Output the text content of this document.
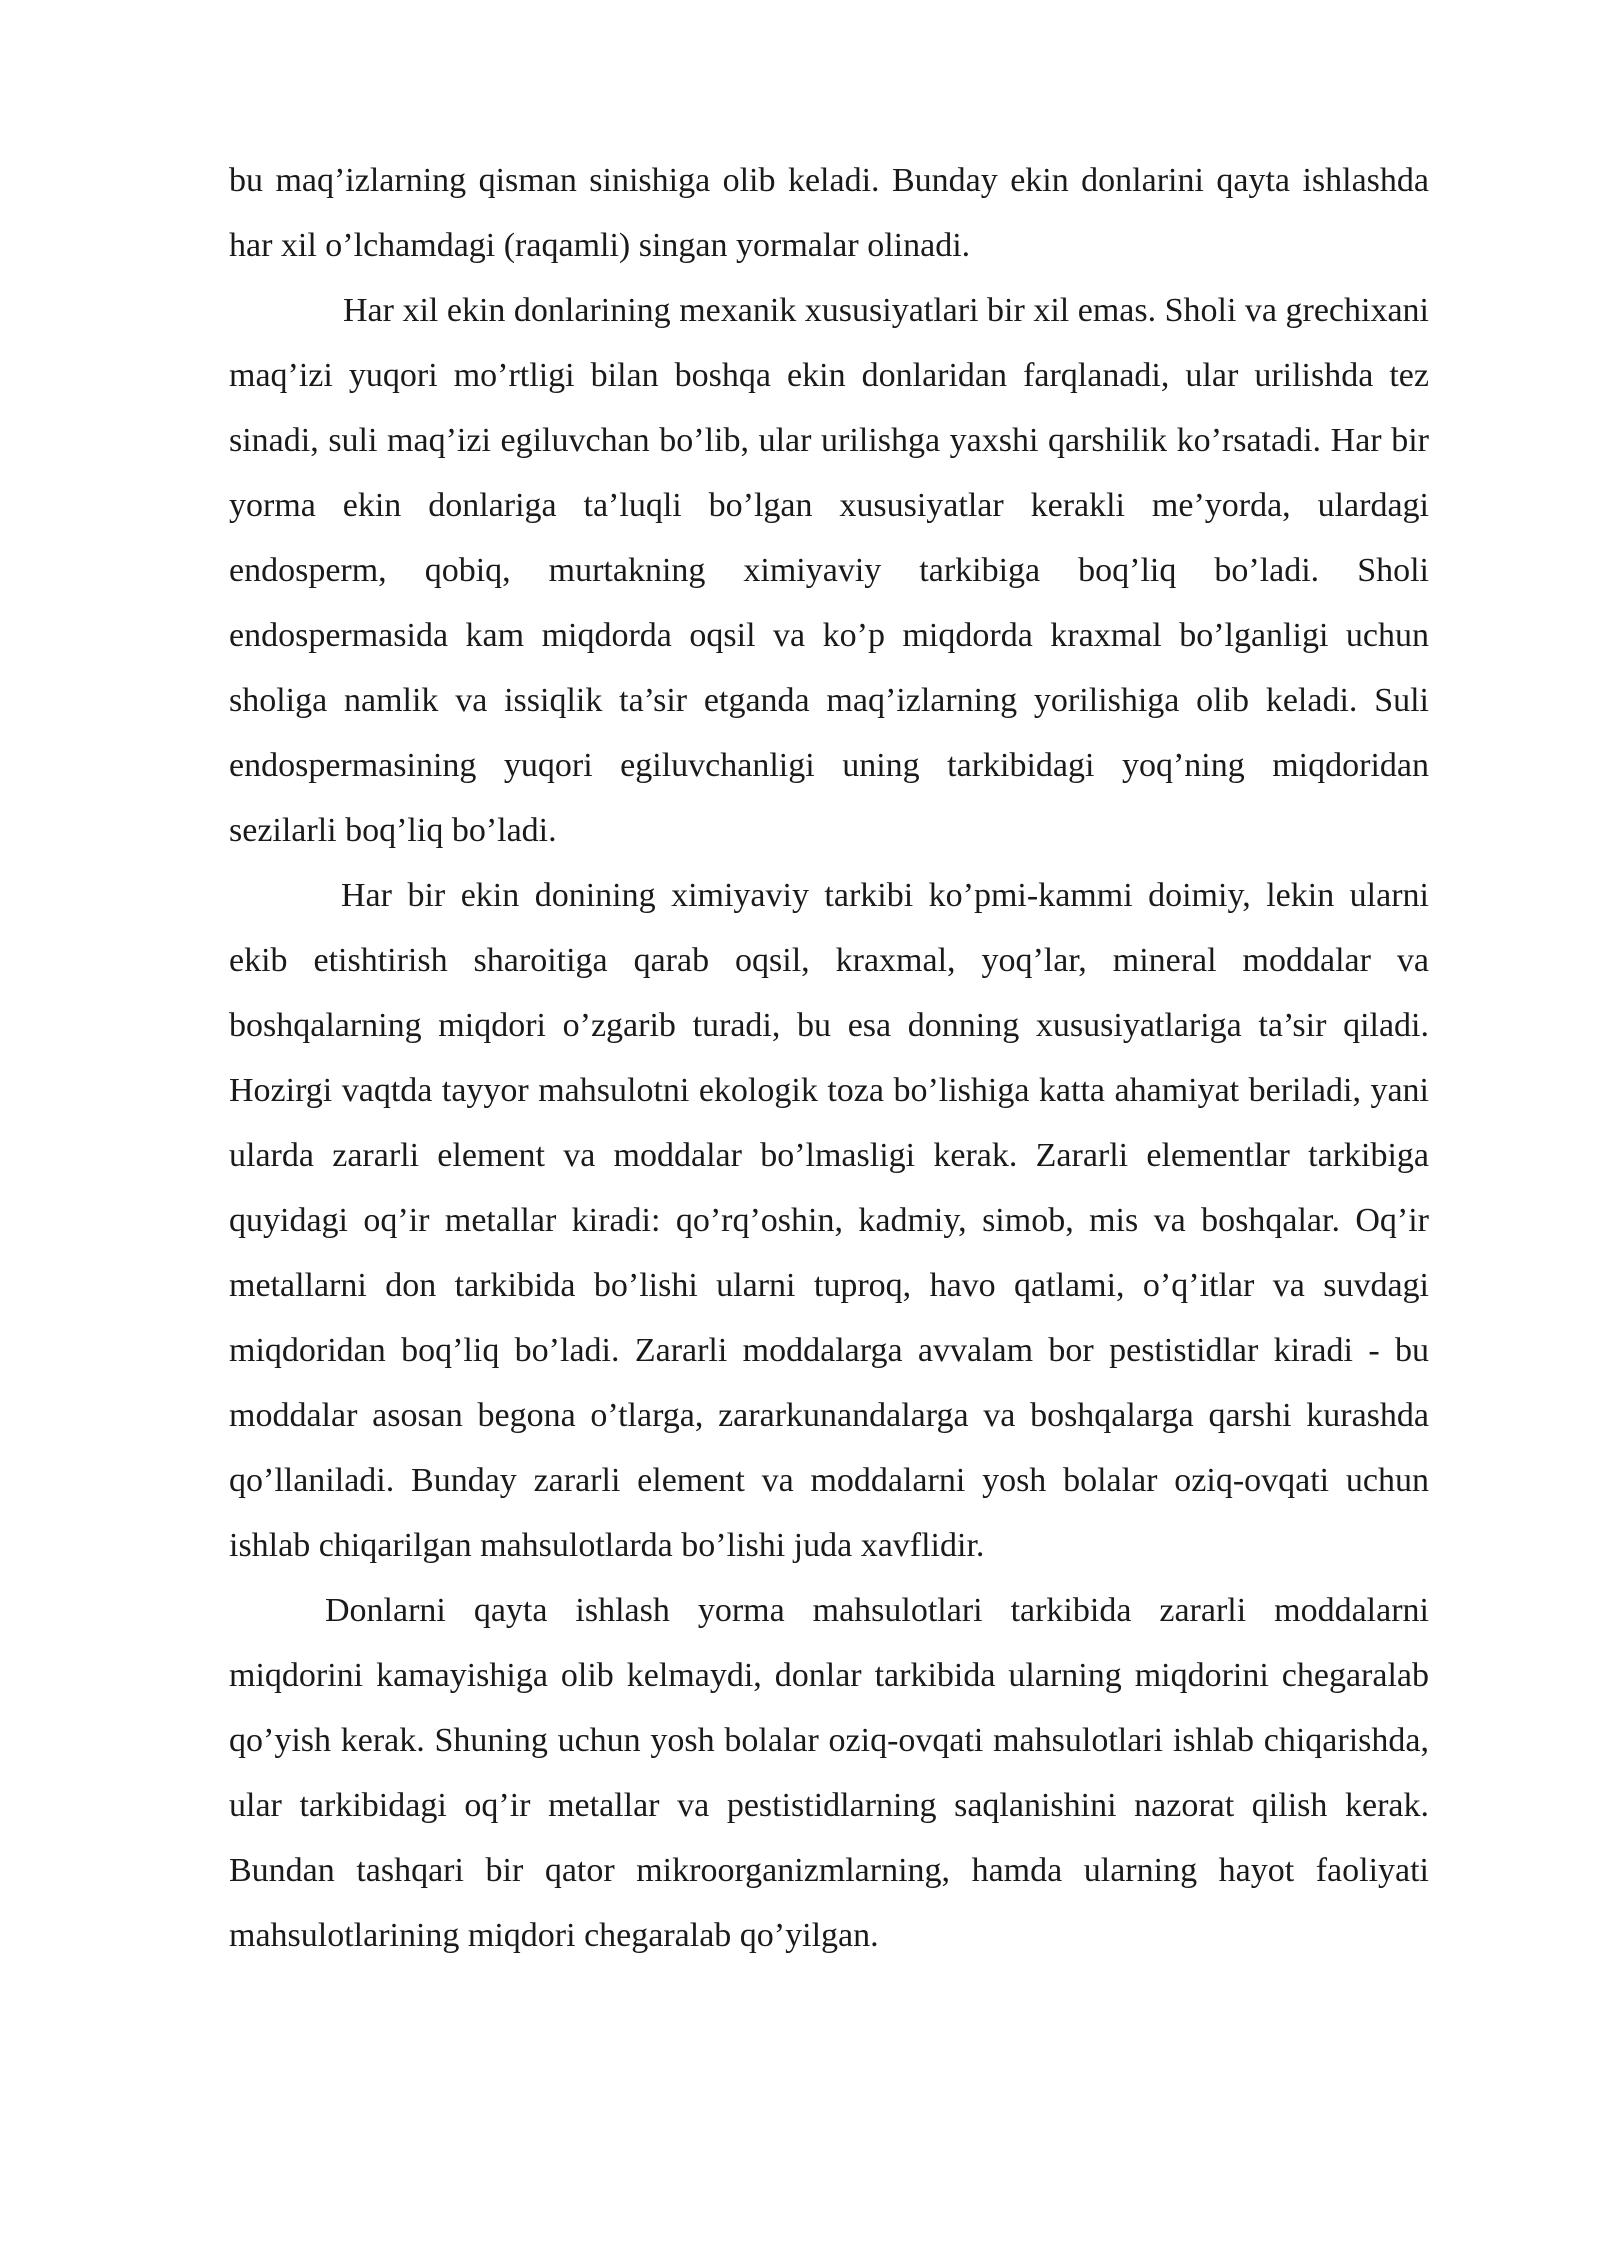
bu maq’izlarning qisman sinishiga olib keladi. Bunday ekin donlarini qayta ishlashda har xil o’lchamdagi (raqamli) singan yormalar olinadi.

Har xil ekin donlarining mexanik xususiyatlari bir xil emas. Sholi va grechixani maq’izi yuqori mo’rtligi bilan boshqa ekin donlaridan farqlanadi, ular urilishda tez sinadi, suli maq’izi egiluvchan bo’lib, ular urilishga yaxshi qarshilik ko’rsatadi. Har bir yorma ekin donlariga ta’luqli bo’lgan xususiyatlar kerakli me’yorda, ulardagi endosperm, qobiq, murtakning ximiyaviy tarkibiga boq’liq bo’ladi. Sholi endospermasida kam miqdorda oqsil va ko’p miqdorda kraxmal bo’lganligi uchun sholiga namlik va issiqlik ta’sir etganda maq’izlarning yorilishiga olib keladi. Suli endospermasining yuqori egiluvchanligi uning tarkibidagi yoq’ning miqdoridan sezilarli boq’liq bo’ladi.

Har bir ekin donining ximiyaviy tarkibi ko’pmi-kammi doimiy, lekin ularni ekib etishtirish sharoitiga qarab oqsil, kraxmal, yoq’lar, mineral moddalar va boshqalarning miqdori o’zgarib turadi, bu esa donning xususiyatlariga ta’sir qiladi. Hozirgi vaqtda tayyor mahsulotni ekologik toza bo’lishiga katta ahamiyat beriladi, yani ularda zararli element va moddalar bo’lmasligi kerak. Zararli elementlar tarkibiga quyidagi oq’ir metallar kiradi: qo’rq’oshin, kadmiy, simob, mis va boshqalar. Oq’ir metallarni don tarkibida bo’lishi ularni tuproq, havo qatlami, o’q’itlar va suvdagi miqdoridan boq’liq bo’ladi. Zararli moddalarga avvalam bor pestistidlar kiradi - bu moddalar asosan begona o’tlarga, zararkunandalarga va boshqalarga qarshi kurashda qo’llaniladi. Bunday zararli element va moddalarni yosh bolalar oziq-ovqati uchun ishlab chiqarilgan mahsulotlarda bo’lishi juda xavflidir.

Donlarni qayta ishlash yorma mahsulotlari tarkibida zararli moddalarni miqdorini kamayishiga olib kelmaydi, donlar tarkibida ularning miqdorini chegaralab qo’yish kerak. Shuning uchun yosh bolalar oziq-ovqati mahsulotlari ishlab chiqarishda, ular tarkibidagi oq’ir metallar va pestistidlarning saqlanishini nazorat qilish kerak. Bundan tashqari bir qator mikroorganizmlarning, hamda ularning hayot faoliyati mahsulotlarining miqdori chegaralab qo’yilgan.
